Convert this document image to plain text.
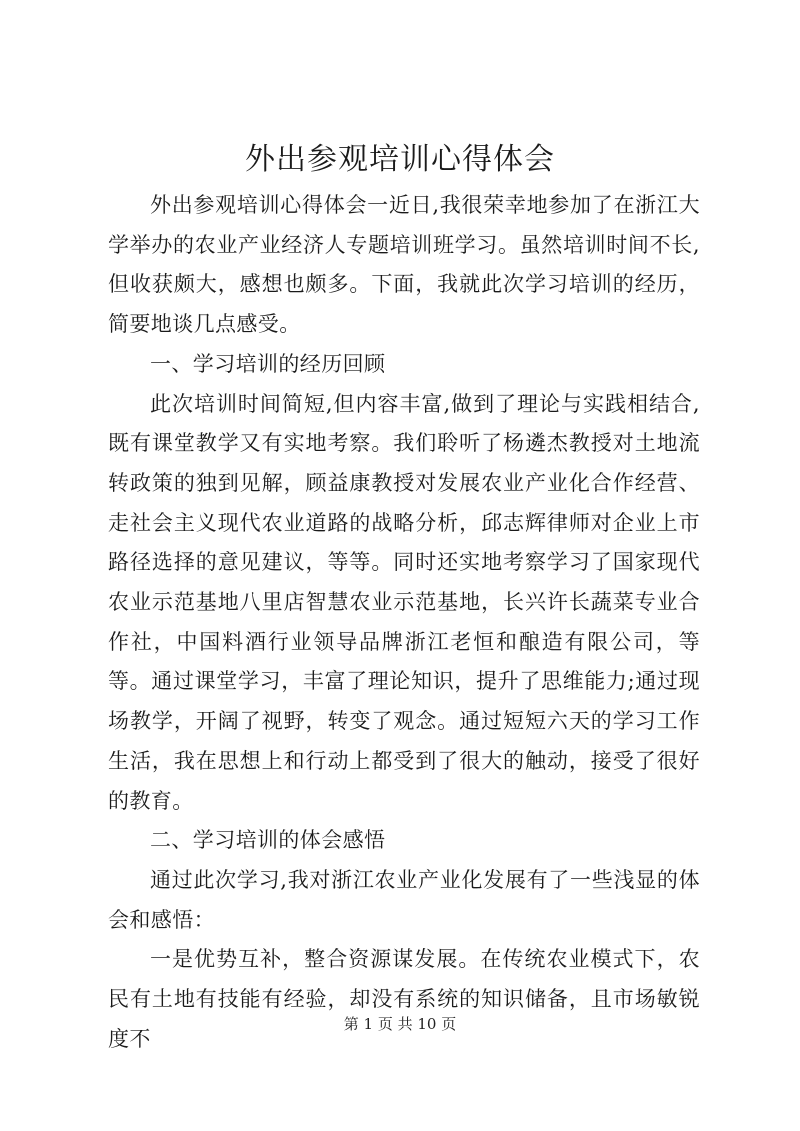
外出参观培训心得体会

外出参观培训心得体会一近日,我很荣幸地参加了在浙江大学举办的农业产业经济人专题培训班学习。虽然培训时间不长,但收获颇大，感想也颇多。下面，我就此次学习培训的经历，简要地谈几点感受。

一、学习培训的经历回顾

此次培训时间简短,但内容丰富,做到了理论与实践相结合,既有课堂教学又有实地考察。我们聆听了杨遴杰教授对土地流转政策的独到见解，顾益康教授对发展农业产业化合作经营、走社会主义现代农业道路的战略分析，邱志辉律师对企业上市路径选择的意见建议，等等。同时还实地考察学习了国家现代农业示范基地八里店智慧农业示范基地，长兴许长蔬菜专业合作社，中国料酒行业领导品牌浙江老恒和酿造有限公司，等等。通过课堂学习，丰富了理论知识，提升了思维能力;通过现场教学，开阔了视野，转变了观念。通过短短六天的学习工作生活，我在思想上和行动上都受到了很大的触动，接受了很好的教育。

二、学习培训的体会感悟

通过此次学习,我对浙江农业产业化发展有了一些浅显的体会和感悟：

一是优势互补，整合资源谋发展。在传统农业模式下，农民有土地有技能有经验，却没有系统的知识储备，且市场敏锐度不

第 1 页 共 10 页
